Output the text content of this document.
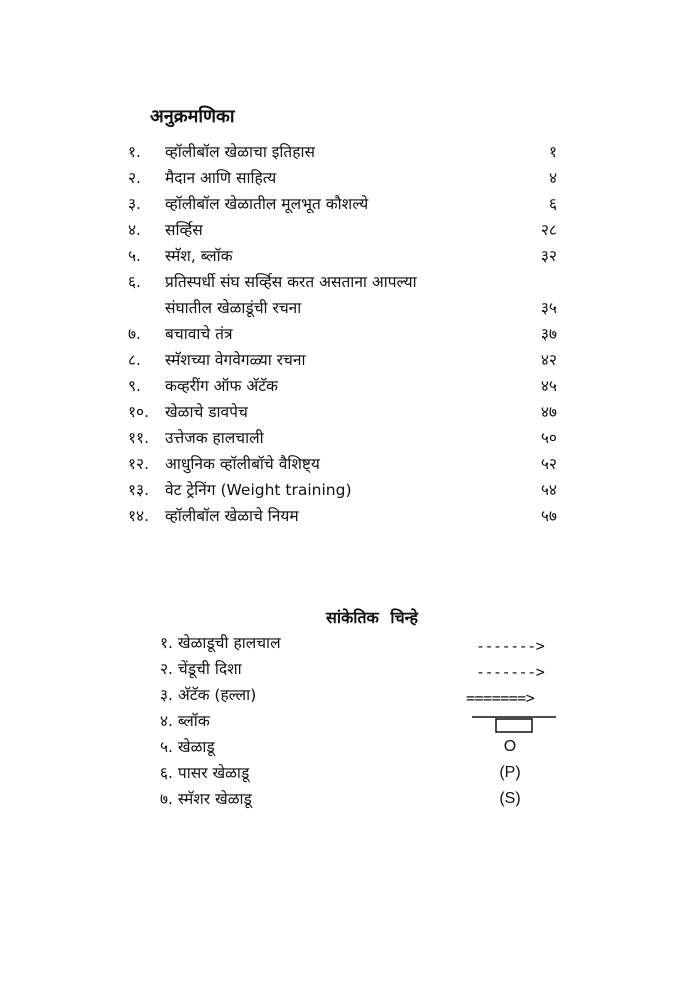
अनुक्रमणिका
१. व्हॉलीबॉल खेळाचा इतिहास	१
२. मैदान आणि साहित्य	४
३. व्हॉलीबॉल खेळातील मूलभूत कौशल्ये	६
४. सर्व्हिस	२८
५. स्मॅश, ब्लॉक	३२
६. प्रतिस्पर्धी संघ सर्व्हिस करत असताना आपल्या
संघातील खेळाडूंची रचना	३५
७. बचावाचे तंत्र	३७
८. स्मॅशच्या वेगवेगळ्या रचना	४२
९. कव्हरींग ऑफ अ‍ॅटॅक	४५
१०. खेळाचे डावपेच	४७
११. उत्तेजक हालचाली	५०
१२. आधुनिक व्हॉलीबॉचे वैशिष्ट्य	५२
१३. वेट ट्रेनिंग (Weight training)	५४
१४. व्हॉलीबॉल खेळाचे नियम	५७
सांकेतिक चिन्हे
१. खेळाडूची हालचाल	------->
२. चेंडूची दिशा	------->
३. अ‍ॅटॅक (हल्ला)	=======>
४. ब्लॉक
५. खेळाडू	O
६. पासर खेळाडू	(P)
७. स्मॅशर खेळाडू	(S)
